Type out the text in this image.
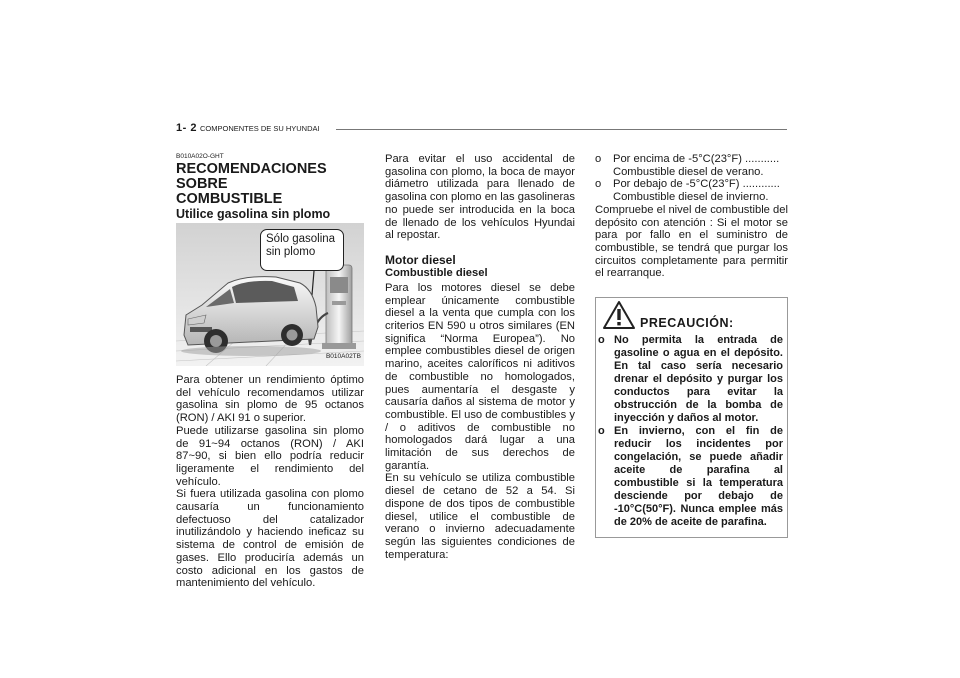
1- 2 COMPONENTES DE SU HYUNDAI
B010A02O-GHT
RECOMENDACIONES SOBRE
COMBUSTIBLE
Utilice gasolina sin plomo
Sólo gasolina
sin plomo
B010A02TB

Para obtener un rendimiento óptimo del vehículo recomendamos utilizar gasolina sin plomo de 95 octanos (RON) / AKI 91 o superior.

Puede utilizarse gasolina sin plomo de 91~94 octanos (RON) / AKI 87~90, si bien ello podría reducir ligeramente el rendimiento del vehículo.

Si fuera utilizada gasolina con plomo causaría un funcionamiento defectuoso del catalizador inutilizándolo y haciendo ineficaz su sistema de control de emisión de gases. Ello produciría además un costo adicional en los gastos de mantenimiento del vehículo.

Para evitar el uso accidental de gasolina con plomo, la boca de mayor diámetro utilizada para llenado de gasolina con plomo en las gasolineras no puede ser introducida en la boca de llenado de los vehículos Hyundai al repostar.

Motor diesel
Combustible diesel

Para los motores diesel se debe emplear únicamente combustible diesel a la venta que cumpla con los criterios EN 590 u otros similares (EN significa “Norma Europea”). No emplee combustibles diesel de origen marino, aceites caloríficos ni aditivos de combustible no homologados, pues aumentaría el desgaste y causaría daños al sistema de motor y combustible. El uso de combustibles y / o aditivos de combustible no homologados dará lugar a una limitación de sus derechos de garantía.

En su vehículo se utiliza combustible diesel de cetano de 52 a 54. Si dispone de dos tipos de combustible diesel, utilice el combustible de verano o invierno adecuadamente según las siguientes condiciones de temperatura:

o	Por encima de -5°C(23°F) ...........
Combustible diesel de verano.
o	Por debajo de -5°C(23°F) ............
Combustible diesel de invierno.

Compruebe el nivel de combustible del depósito con atención : Si el motor se para por fallo en el suministro de combustible, se tendrá que purgar los circuitos completamente para permitir el rearranque.

PRECAUCIÓN:
o No permita la entrada de gasoline o agua en el depósito. En tal caso sería necesario drenar el depósito y purgar los conductos para evitar la obstrucción de la bomba de inyección y daños al motor.
o En invierno, con el fin de reducir los incidentes por congelación, se puede añadir aceite de parafina al combustible si la temperatura desciende por debajo de -10°C(50°F). Nunca emplee más de 20% de aceite de parafina.
